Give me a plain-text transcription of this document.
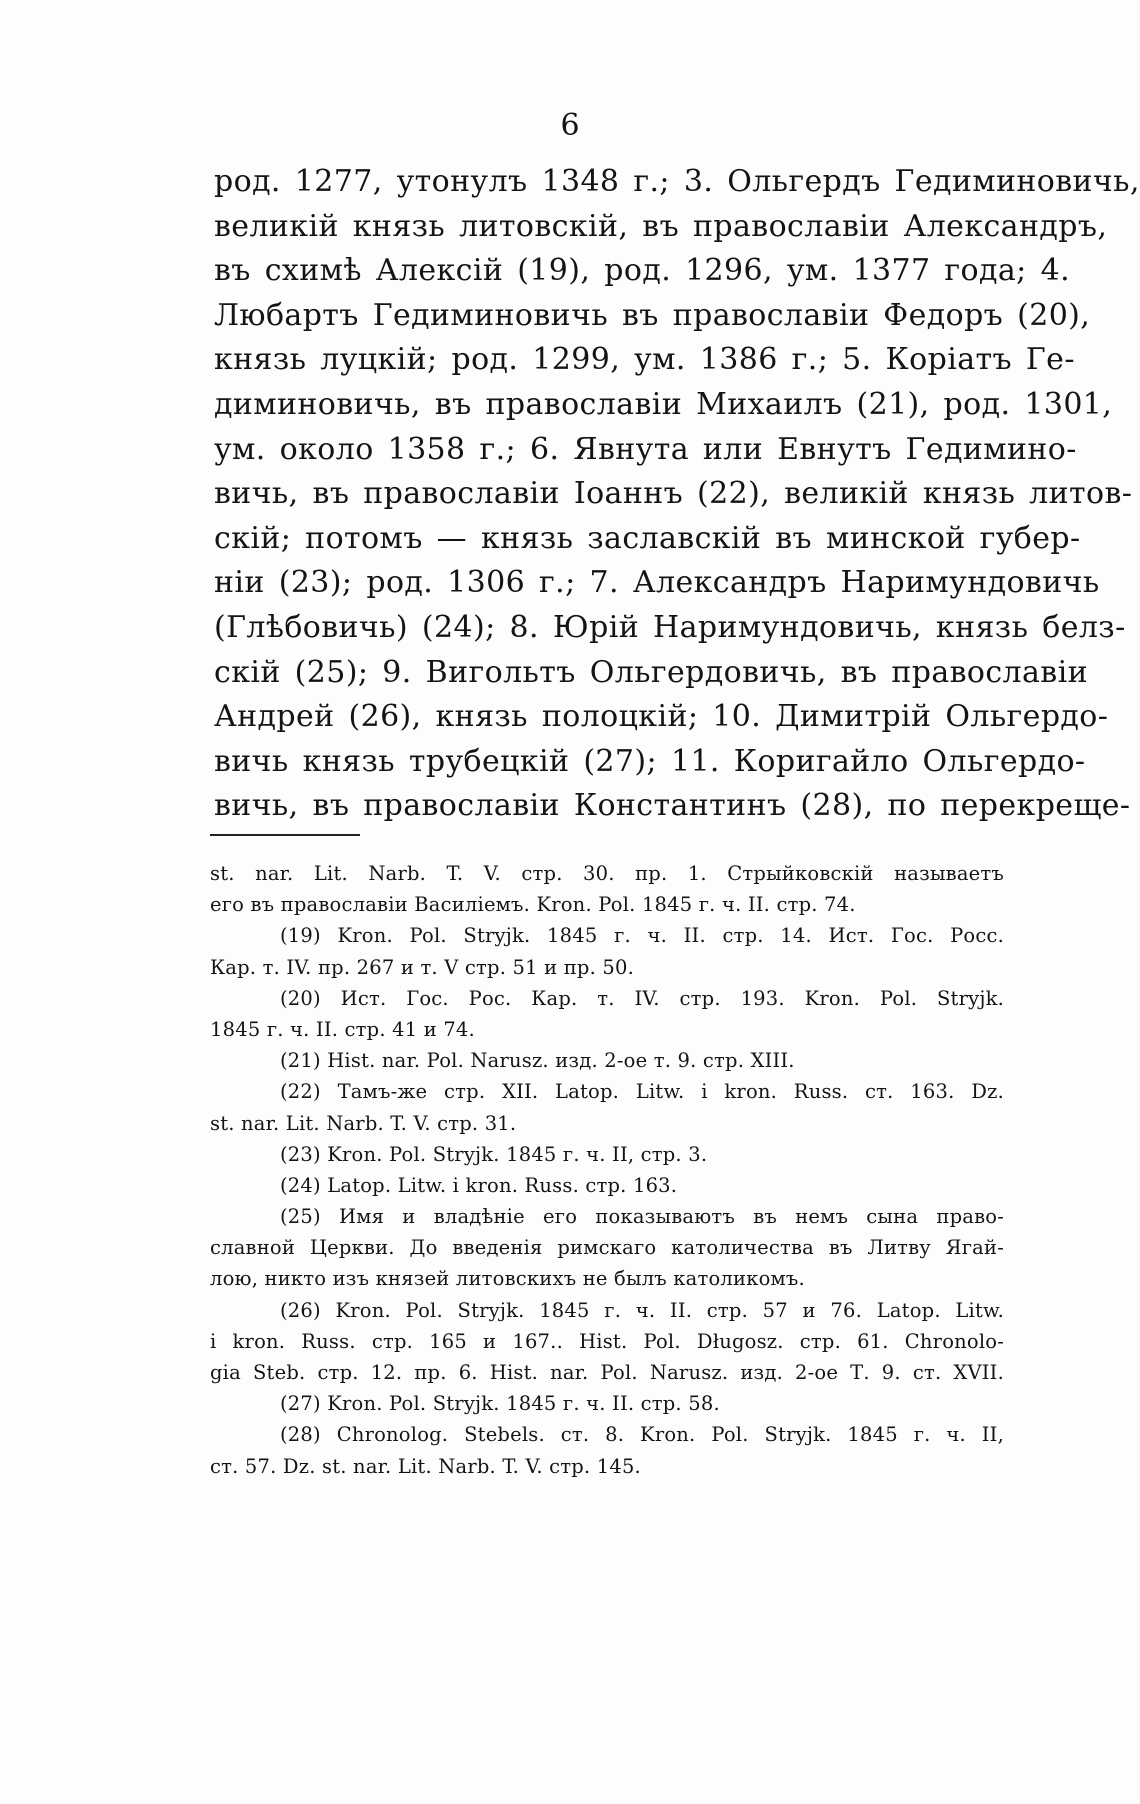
6
род. 1277, утонулъ 1348 г.; 3. Ольгердъ Гедиминовичь,
великій князь литовскій, въ православіи Александръ,
въ схимѣ Алексій (19), род. 1296, ум. 1377 года; 4.
Любартъ Гедиминовичь въ православіи Федоръ (20),
князь луцкій; род. 1299, ум. 1386 г.; 5. Коріатъ Ге-
диминовичь, въ православіи Михаилъ (21), род. 1301,
ум. около 1358 г.; 6. Явнута или Евнутъ Гедимино-
вичь, въ православіи Іоаннъ (22), великій князь литов-
скій; потомъ — князь заславскій въ минской губер-
ніи (23); род. 1306 г.; 7. Александръ Наримундовичь
(Глѣбовичь) (24); 8. Юрій Наримундовичь, князь белз-
скій (25); 9. Вигольтъ Ольгердовичь, въ православіи
Андрей (26), князь полоцкій; 10. Димитрій Ольгердо-
вичь князь трубецкій (27); 11. Коригайло Ольгердо-
вичь, въ православіи Константинъ (28), по перекреще-
st. nar. Lit. Narb. T. V. стр. 30. пр. 1. Стрыйковскій называетъ
его въ православіи Василіемъ. Kron. Pol. 1845 г. ч. II. стр. 74.
(19) Kron. Pol. Stryjk. 1845 г. ч. II. стр. 14. Ист. Гос. Росс.
Кар. т. IV. пр. 267 и т. V стр. 51 и пр. 50.
(20) Ист. Гос. Рос. Кар. т. IV. стр. 193. Kron. Pol. Stryjk.
1845 г. ч. II. стр. 41 и 74.
(21) Hist. nar. Pol. Narusz. изд. 2-ое т. 9. стр. XIII.
(22) Тамъ-же стр. XII. Latop. Litw. i kron. Russ. ст. 163. Dz.
st. nar. Lit. Narb. T. V. стр. 31.
(23) Kron. Pol. Stryjk. 1845 г. ч. II, стр. 3.
(24) Latop. Litw. i kron. Russ. стр. 163.
(25) Имя и владѣніе его показываютъ въ немъ сына право-
славной Церкви. До введенія римскаго католичества въ Литву Ягай-
лою, никто изъ князей литовскихъ не былъ католикомъ.
(26) Kron. Pol. Stryjk. 1845 г. ч. II. стр. 57 и 76. Latop. Litw.
i kron. Russ. стр. 165 и 167.. Hist. Pol. Długosz. стр. 61. Chronolo-
gia Steb. стр. 12. пр. 6. Hist. nar. Pol. Narusz. изд. 2-ое Т. 9. ст. XVII.
(27) Kron. Pol. Stryjk. 1845 г. ч. II. стр. 58.
(28) Chronolog. Stebels. ст. 8. Kron. Pol. Stryjk. 1845 г. ч. II,
ст. 57. Dz. st. nar. Lit. Narb. T. V. стр. 145.
